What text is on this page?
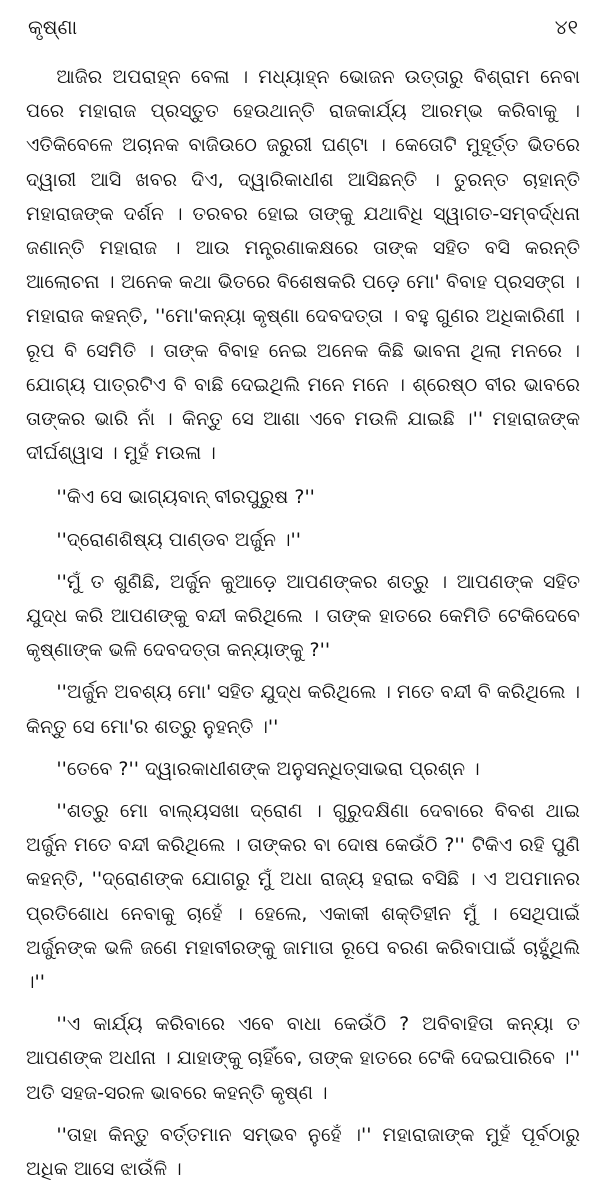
କୃଷ୍ଣା	୪୧

ଆଜିର ଅପରାହ୍ନ ବେଳା । ମଧ୍ୟାହ୍ନ ଭୋଜନ ଉତ୍ତାରୁ ବିଶ୍ରାମ ନେବା ପରେ ମହାରାଜ ପ୍ରସ୍ତୁତ ହେଉଥାନ୍ତି ରାଜକାର୍ଯ୍ୟ ଆରମ୍ଭ କରିବାକୁ । ଏତିକିବେଳେ ଅଚାନକ ବାଜିଉଠେ ଜରୁରୀ ଘଣ୍ଟା । କେତୋଟି ମୁହୂର୍ତ୍ତ ଭିତରେ ଦ୍ୱାରୀ ଆସି ଖବର ଦିଏ, ଦ୍ୱାରିକାଧୀଶ ଆସିଛନ୍ତି । ତୁରନ୍ତ ଚାହାନ୍ତି ମହାରାଜଙ୍କ ଦର୍ଶନ । ତରବର ହୋଇ ତାଙ୍କୁ ଯଥାବିଧି ସ୍ୱାଗତ-ସମ୍ବର୍ଦ୍ଧନା ଜଣାନ୍ତି ମହାରାଜ । ଆଉ ମନ୍ତ୍ରଣାକକ୍ଷରେ ତାଙ୍କ ସହିତ ବସି କରନ୍ତି ଆଲୋଚନା । ଅନେକ କଥା ଭିତରେ ବିଶେଷକରି ପଡ଼େ ମୋ' ବିବାହ ପ୍ରସଙ୍ଗ । ମହାରାଜ କହନ୍ତି, ''ମୋ'କନ୍ୟା କୃଷ୍ଣା ଦେବଦତ୍ତା । ବହୁ ଗୁଣର ଅଧିକାରିଣୀ । ରୂପ ବି ସେମିତି । ତାଙ୍କ ବିବାହ ନେଇ ଅନେକ କିଛି ଭାବନା ଥିଲା ମନରେ । ଯୋଗ୍ୟ ପାତ୍ରଟିଏ ବି ବାଛି ଦେଇଥିଲି ମନେ ମନେ । ଶ୍ରେଷ୍ଠ ବୀର ଭାବରେ ତାଙ୍କର ଭାରି ନାଁ । କିନ୍ତୁ ସେ ଆଶା ଏବେ ମଉଳି ଯାଇଛି ।'' ମହାରାଜଙ୍କ ଦୀର୍ଘଶ୍ୱାସ । ମୁହଁ ମଉଳା ।

''କିଏ ସେ ଭାଗ୍ୟବାନ୍ ବୀରପୁରୁଷ ?''

''ଦ୍ରୋଣଶିଷ୍ୟ ପାଣ୍ଡବ ଅର୍ଜୁନ ।''

''ମୁଁ ତ ଶୁଣିଛି, ଅର୍ଜୁନ କୁଆଡ଼େ ଆପଣଙ୍କର ଶତ୍ରୁ । ଆପଣଙ୍କ ସହିତ ଯୁଦ୍ଧ କରି ଆପଣଙ୍କୁ ବନ୍ଦୀ କରିଥିଲେ । ତାଙ୍କ ହାତରେ କେମିତି ଟେକିଦେବେ କୃଷ୍ଣାଙ୍କ ଭଳି ଦେବଦତ୍ତା କନ୍ୟାଙ୍କୁ ?''

''ଅର୍ଜୁନ ଅବଶ୍ୟ ମୋ' ସହିତ ଯୁଦ୍ଧ କରିଥିଲେ । ମତେ ବନ୍ଦୀ ବି କରିଥିଲେ । କିନ୍ତୁ ସେ ମୋ'ର ଶତ୍ରୁ ନୁହନ୍ତି ।''

''ତେବେ ?'' ଦ୍ୱାରକାଧୀଶଙ୍କ ଅନୁସନ୍ଧିତ୍ସାଭରା ପ୍ରଶ୍ନ ।

''ଶତ୍ରୁ ମୋ ବାଲ୍ୟସଖା ଦ୍ରୋଣ । ଗୁରୁଦକ୍ଷିଣା ଦେବାରେ ବିବଶ ଥାଇ ଅର୍ଜୁନ ମତେ ବନ୍ଦୀ କରିଥିଲେ । ତାଙ୍କର ବା ଦୋଷ କେଉଁଠି ?'' ଟିକିଏ ରହି ପୁଣି କହନ୍ତି, ''ଦ୍ରୋଣଙ୍କ ଯୋଗରୁ ମୁଁ ଅଧା ରାଜ୍ୟ ହରାଇ ବସିଛି । ଏ ଅପମାନର ପ୍ରତିଶୋଧ ନେବାକୁ ଚାହେଁ । ହେଲେ, ଏକାକୀ ଶକ୍ତିହୀନ ମୁଁ । ସେଥିପାଇଁ ଅର୍ଜୁନଙ୍କ ଭଳି ଜଣେ ମହାବୀରଙ୍କୁ ଜାମାତା ରୂପେ ବରଣ କରିବାପାଇଁ ଚାହୁଁଥିଲି ।''

''ଏ କାର୍ଯ୍ୟ କରିବାରେ ଏବେ ବାଧା କେଉଁଠି ? ଅବିବାହିତା କନ୍ୟା ତ ଆପଣଙ୍କ ଅଧୀନା । ଯାହାଙ୍କୁ ଚାହିଁବେ, ତାଙ୍କ ହାତରେ ଟେକି ଦେଇପାରିବେ ।'' ଅତି ସହଜ-ସରଳ ଭାବରେ କହନ୍ତି କୃଷ୍ଣ ।

''ତାହା କିନ୍ତୁ ବର୍ତ୍ତମାନ ସମ୍ଭବ ନୁହେଁ ।'' ମହାରାଜାଙ୍କ ମୁହଁ ପୂର୍ବଠାରୁ ଅଧିକ ଆସେ ଝାଉଁଳି ।
